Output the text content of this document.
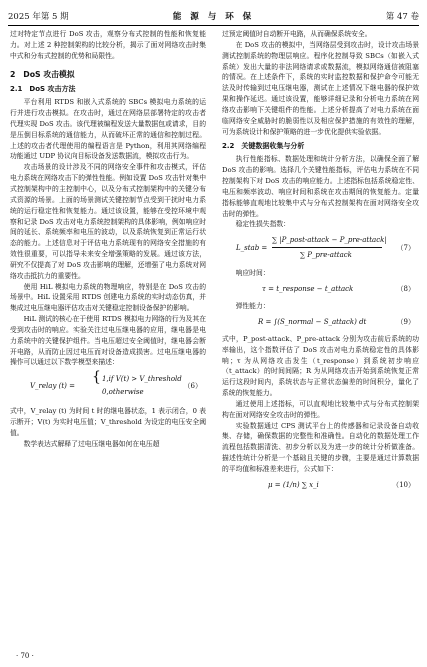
2025 年第 5 期	能 源 与 环 保	第 47 卷

过对特定节点进行 DoS 攻击，观察分布式控制的性能和恢复能力。对上述 2 种控制架构的比较分析，揭示了面对网络攻击时集中式和分布式控制的优势和局限性。

2　DoS 攻击模拟
2.1　DoS 攻击方法

平台利用 RTDS 和嵌入式系统的 SBCs 模拟电力系统的运行并进行攻击模拟。在攻击时，通过在网络层部署特定的攻击者代理实现 DoS 攻击。该代理被编程发送大量数据包或请求，目的是压倒目标系统的通信能力，从而破坏正常的通信和控制过程。上述的攻击者代理使用的编程语言是 Python，利用其网络编程功能通过 UDP 协议向目标设备发送数据流，模拟攻击行为。

攻击场景的设计涉及不同的网络安全事件和攻击模式，评估电力系统在网络攻击下的弹性性能。例如设置 DoS 攻击针对集中式控制架构中的主控制中心，以及分布式控制架构中的关键分布式资源的场景。上面的场景测试关键控制节点受到干扰时电力系统的运行稳定性和恢复能力。通过该设置，能够在受控环境中观察和记录 DoS 攻击对电力系统控制架构的具体影响，例如响应时间的延长、系统频率和电压的波动，以及系统恢复到正常运行状态的能力。上述信息对于评估电力系统现有的网络安全措施的有效性很重要，可以指导未来安全增强策略的发展。通过该方法，研究不仅提高了对 DoS 攻击影响的理解，还增强了电力系统对网络攻击抵抗力的重要性。

使用 HiL 模拟电力系统的物理响应，特别是在 DoS 攻击的场景中。HiL 设置采用 RTDS 创建电力系统的实时动态仿真，并集成过电压继电器评估攻击对关键稳定控制设备保护的影响。

HiL 测试的核心在于使用 RTDS 模拟电力网络的行为及其在受到攻击时的响应。实验关注过电压继电器的应用，继电器是电力系统中的关键保护组件。当电压超过安全阈值时，继电器会断开电路，从而防止因过电压而对设备造成损害。过电压继电器的操作可以通过以下数学模型来描述：

V_relay (t) =
{ 1,if V(t) > V_threshold
0,otherwise
（6）

式中，V_relay (t) 为时间 t 时的继电器状态，1 表示闭合，0 表示断开；V(t) 为实时电压值；V_threshold 为设定的电压安全阈值。

数学表达式解释了过电压继电器如何在电压超

过预定阈值时自动断开电路，从而确保系统安全。

在 DoS 攻击的模拟中，当网络层受到攻击时，设计攻击场景测试控制系统的物理层响应。程序化控制导致 SBCs（如嵌入式系统）发出大量的非法网络请求或数据流，模拟网络通信被阻塞的情况。在上述条件下，系统的实时监控数据和保护命令可能无法及时传输到过电压继电器，测试在上述情况下继电器的保护效果和操作延迟。通过该设置，能够详细记录和分析电力系统在网络攻击影响下关键组件的性能。上述分析提高了对电力系统在面临网络安全威胁时的脆弱性以及相应保护措施的有效性的理解，可为系统设计和保护策略的进一步优化提供实验依据。

2.2　关键数据收集与分析

执行性能指标、数据处理和统计分析方法，以确保全面了解 DoS 攻击的影响。选择几个关键性能指标，评估电力系统在不同控制架构下对 DoS 攻击的响应能力。上述指标包括系统稳定性、电压和频率波动、响应时间和系统在攻击期间的恢复能力。定量指标能够直观地比较集中式与分布式控制架构在面对网络安全攻击时的弹性。

稳定性损失指数：

L_stab =
∑ |P_post-attack − P_pre-attack|
∑ P_pre-attack
（7）

响应时间：

τ = t_response − t_attack	（8）

弹性能力：

R = ∫(S_normal − S_attack) dt	（9）

式中，P_post-attack、P_pre-attack 分别为攻击前后系统的功率输出，这个指数评估了 DoS 攻击对电力系统稳定性的具体影响；τ 为从网络攻击发生（t_response）到系统初步响应（t_attack）的时间间隔；R 为从网络攻击开始到系统恢复正常运行这段时间内，系统状态与正常状态偏差的时间积分，量化了系统的恢复能力。

通过使用上述指标，可以直观地比较集中式与分布式控制架构在面对网络安全攻击时的弹性。

实验数据通过 CPS 测试平台上的传感器和记录设备自动收集、存储，确保数据的完整性和准确性。自动化的数据处理工作流程包括数据清洗、初步分析以及为进一步的统计分析做准备。描述性统计分析是一个基础且关键的步骤，主要是通过计算数据的平均值和标准差来进行，公式如下：

μ = (1/n) ∑ x_i	（10）
· 70 ·
